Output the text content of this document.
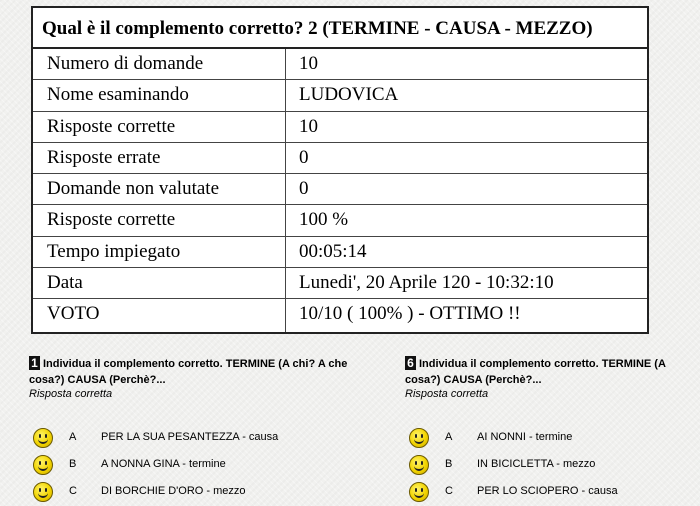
Qual è il complemento corretto? 2 (TERMINE - CAUSA - MEZZO)
Numero di domande	10
Nome esaminando	LUDOVICA
Risposte corrette	10
Risposte errate	0
Domande non valutate	0
Risposte corrette	100 %
Tempo impiegato	00:05:14
Data	Lunedi', 20 Aprile 120 - 10:32:10
VOTO	10/10 ( 100% ) - OTTIMO !!
1 Individua il complemento corretto. TERMINE (A chi? A che
cosa?) CAUSA (Perchè?...
Risposta corretta
A PER LA SUA PESANTEZZA - causa
B A NONNA GINA - termine
C DI BORCHIE D'ORO - mezzo
6 Individua il complemento corretto. TERMINE (A
cosa?) CAUSA (Perchè?...
Risposta corretta
A AI NONNI - termine
B IN BICICLETTA - mezzo
C PER LO SCIOPERO - causa
